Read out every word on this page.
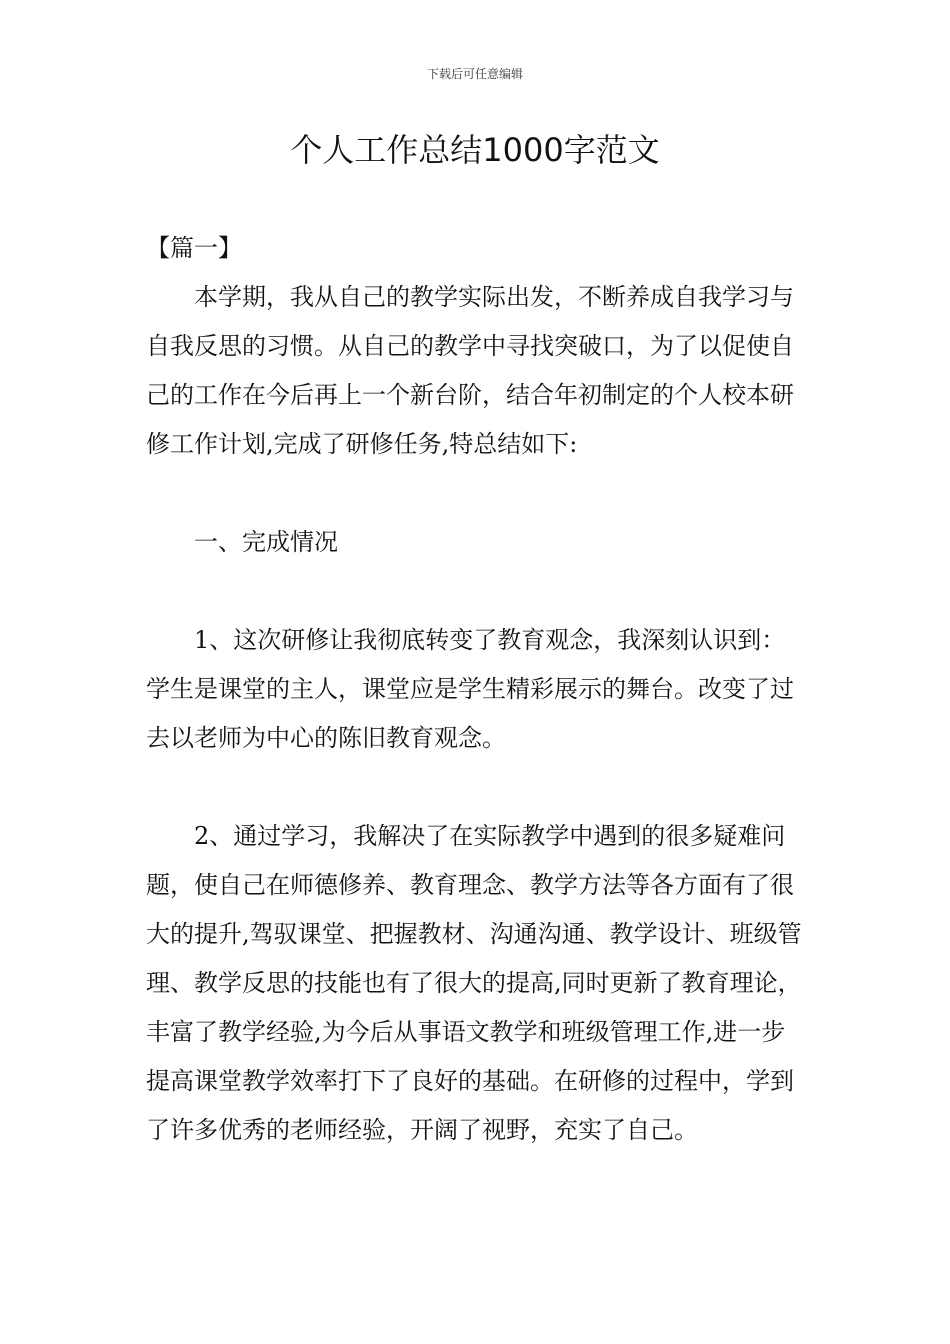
下载后可任意编辑
个人工作总结1000字范文

【篇一】

本学期，我从自己的教学实际出发，不断养成自我学习与自我反思的习惯。从自己的教学中寻找突破口，为了以促使自己的工作在今后再上一个新台阶，结合年初制定的个人校本研修工作计划,完成了研修任务,特总结如下:

一、完成情况

1、这次研修让我彻底转变了教育观念，我深刻认识到：学生是课堂的主人，课堂应是学生精彩展示的舞台。改变了过去以老师为中心的陈旧教育观念。

2、通过学习，我解决了在实际教学中遇到的很多疑难问题，使自己在师德修养、教育理念、教学方法等各方面有了很大的提升,驾驭课堂、把握教材、沟通沟通、教学设计、班级管理、教学反思的技能也有了很大的提高,同时更新了教育理论，丰富了教学经验,为今后从事语文教学和班级管理工作,进一步提高课堂教学效率打下了良好的基础。在研修的过程中，学到了许多优秀的老师经验，开阔了视野，充实了自己。
